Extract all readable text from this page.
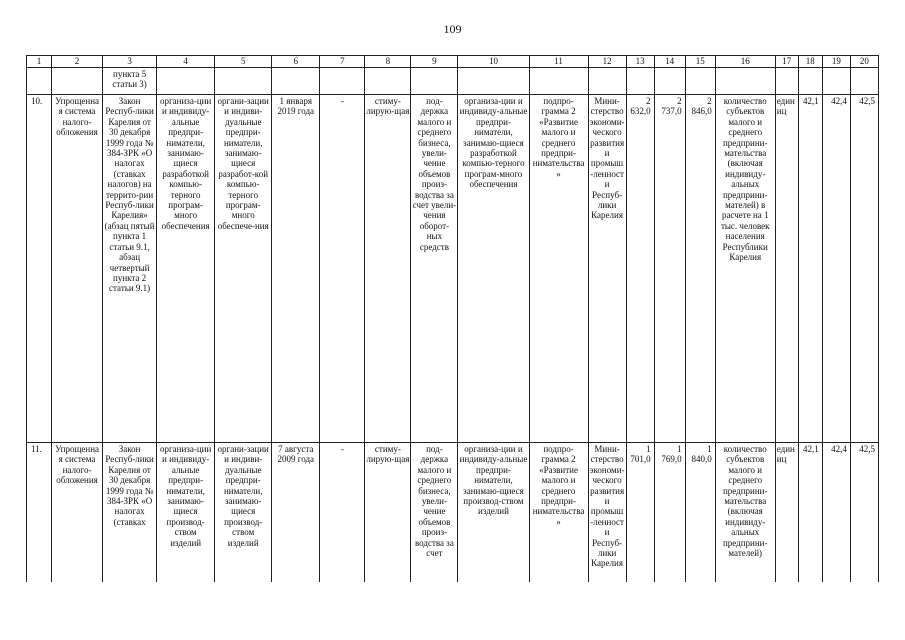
109
1	2	3	4	5	6	7	8	9	10	11	12	13	14	15	16	17	18	19	20
		пункта 5 статьи 3)																	
10.	Упрощенная система налого-обложения	Закон Респуб-лики Карелия от 30 декабря 1999 года № 384-ЗРК «О налогах (ставках налогов) на террито-рии Респуб-лики Карелия» (абзац пятый пункта 1 статьи 9.1, абзац четвертый пункта 2 статьи 9.1)	организа-ции и индивиду-альные предпри-ниматели, занимаю-щиеся разработкой компью-терного програм-много обеспечения	органи-зации и индиви-дуальные предпри-ниматели, занимаю-щиеся разработ-кой компью-терного програм-много обеспече-ния	1 января 2019 года	-	стиму-лирую-щая	под-держка малого и среднего бизнеса, увели-чение объемов произ-водства за счет увели-чения оборот-ных средств	организа-ции и индивиду-альные предпри-ниматели, занимаю-щиеся разработкой компью-терного програм-много обеспечения	подпро-грамма 2 «Развитие малого и среднего предпри-нимательства»	Мини-стерство экономи-ческого развития и промыш-ленности Респуб-лики Карелия	2 632,0	2 737,0	2 846,0	количество субъектов малого и среднего предприни-мательства (включая индивиду-альных предприни-мателей) в расчете на 1 тыс. человек населения Республики Карелия	единиц	42,1	42,4	42,5
11.	Упрощенная система налого-обложения	Закон Респуб-лики Карелия от 30 декабря 1999 года № 384-ЗРК «О налогах (ставках	организа-ции и индивиду-альные предпри-ниматели, занимаю-щиеся производ-ством изделий	органи-зации и индиви-дуальные предпри-ниматели, занимаю-щиеся производ-ством изделий	7 августа 2009 года	-	стиму-лирую-щая	под-держка малого и среднего бизнеса, увели-чение объемов произ-водства за счет	организа-ции и индивиду-альные предпри-ниматели, занимаю-щиеся производ-ством изделий	подпро-грамма 2 «Развитие малого и среднего предпри-нимательства»	Мини-стерство экономи-ческого развития и промыш-ленности Респуб-лики Карелия	1 701,0	1 769,0	1 840,0	количество субъектов малого и среднего предприни-мательства (включая индивиду-альных предприни-мателей)	единиц	42,1	42,4	42,5
